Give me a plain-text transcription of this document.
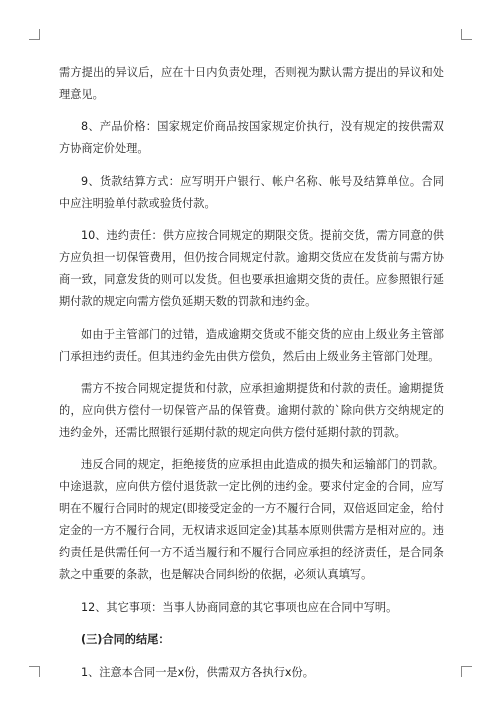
需方提出的异议后，应在十日内负责处理，否则视为默认需方提出的异议和处理意见。

8、产品价格：国家规定价商品按国家规定价执行，没有规定的按供需双方协商定价处理。

9、货款结算方式：应写明开户银行、帐户名称、帐号及结算单位。合同中应注明验单付款或验货付款。

10、违约责任：供方应按合同规定的期限交货。提前交货，需方同意的供方应负担一切保管费用，但仍按合同规定付款。逾期交货应在发货前与需方协商一致，同意发货的则可以发货。但也要承担逾期交货的责任。应参照银行延期付款的规定向需方偿负延期天数的罚款和违约金。

如由于主管部门的过错，造成逾期交货或不能交货的应由上级业务主管部门承担违约责任。但其违约金先由供方偿负，然后由上级业务主管部门处理。

需方不按合同规定提货和付款，应承担逾期提货和付款的责任。逾期提货的，应向供方偿付一切保管产品的保管费。逾期付款的`除向供方交纳规定的违约金外，还需比照银行延期付款的规定向供方偿付延期付款的罚款。

违反合同的规定，拒绝接货的应承担由此造成的损失和运输部门的罚款。中途退款，应向供方偿付退货款一定比例的违约金。要求付定金的合同，应写明在不履行合同时的规定(即接受定金的一方不履行合同，双倍返回定金，给付定金的一方不履行合同，无权请求返回定金)其基本原则供需方是相对应的。违约责任是供需任何一方不适当履行和不履行合同应承担的经济责任，是合同条款之中重要的条款，也是解决合同纠纷的依据，必须认真填写。

12、其它事项：当事人协商同意的其它事项也应在合同中写明。

(三)合同的结尾：

1、注意本合同一是x份，供需双方各执行x份。
